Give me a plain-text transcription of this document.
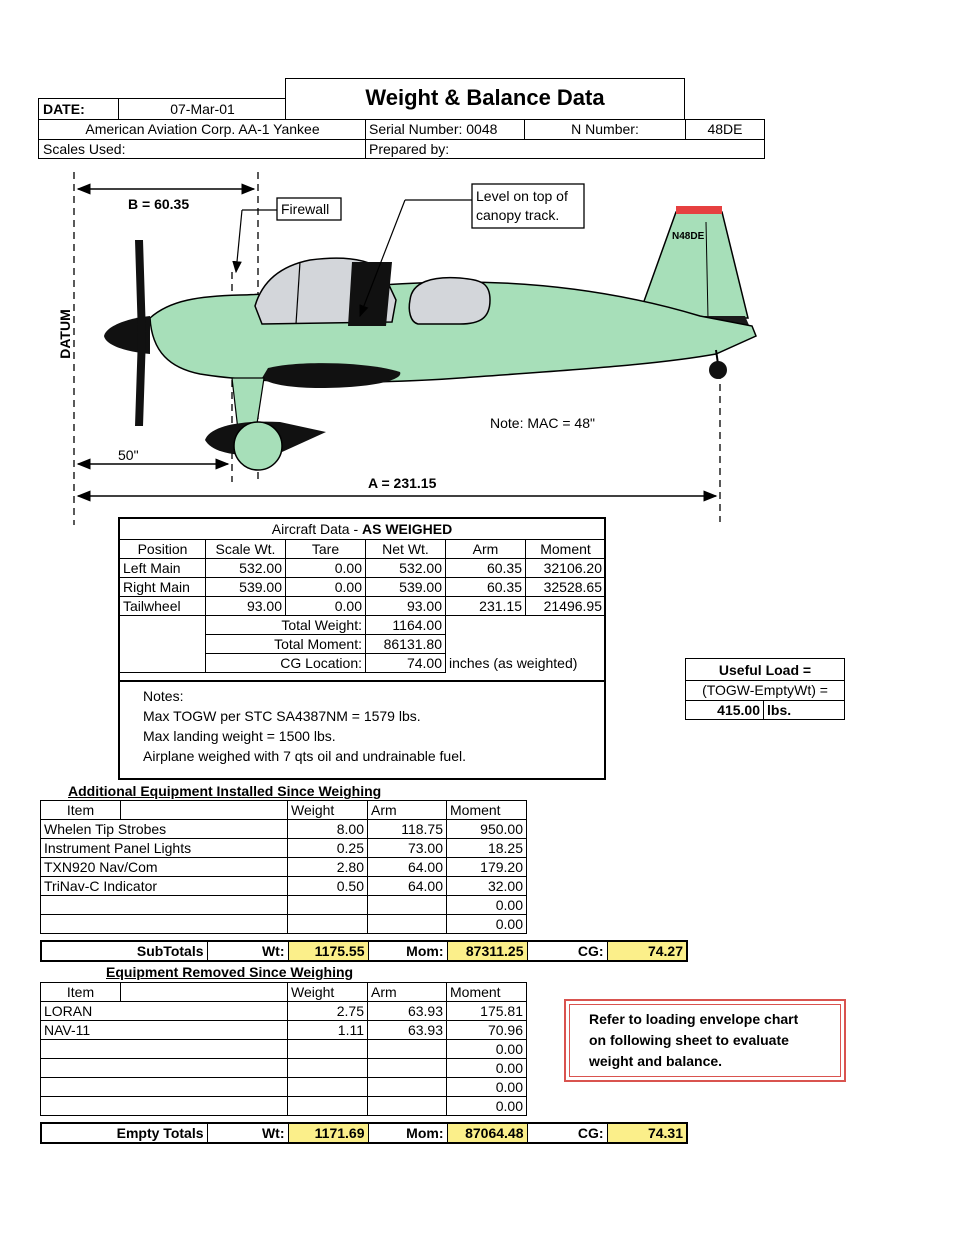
Weight & Balance Data
DATE:	07-Mar-01
American Aviation Corp. AA-1 Yankee	Serial Number: 0048	N Number:	48DE
Scales Used:	Prepared by:
B = 60.35	Firewall
Level on top of
canopy track.
N48DE
DATUM
Note: MAC = 48"
50"
A = 231.15
Aircraft Data - AS WEIGHED
Position	Scale Wt.	Tare	Net Wt.	Arm	Moment
Left Main	532.00	0.00	532.00	60.35	32106.20
Right Main	539.00	0.00	539.00	60.35	32528.65
Tailwheel	93.00	0.00	93.00	231.15	21496.95
	Total Weight:		1164.00		
	Total Moment:		86131.80		
	CG Location:		74.00	inches (as weighted)	
Notes:
Max TOGW per STC SA4387NM = 1579 lbs.
Max landing weight = 1500 lbs.
Airplane weighed with 7 qts oil and undrainable fuel.
Useful Load =
(TOGW-EmptyWt) =
415.00 lbs.
Additional Equipment Installed Since Weighing
Item		Weight	Arm	Moment
Whelen Tip Strobes		8.00	118.75	950.00
Instrument Panel Lights		0.25	73.00	18.25
TXN920 Nav/Com		2.80	64.00	179.20
TriNav-C Indicator		0.50	64.00	32.00
				0.00
				0.00
SubTotals	Wt:	1175.55	Mom:	87311.25	CG:	74.27
Equipment Removed Since Weighing
Item		Weight	Arm	Moment
LORAN		2.75	63.93	175.81
NAV-11		1.11	63.93	70.96
				0.00
				0.00
				0.00
				0.00
Empty Totals	Wt:	1171.69	Mom:	87064.48	CG:	74.31
Refer to loading envelope chart
on following sheet to evaluate
weight and balance.
